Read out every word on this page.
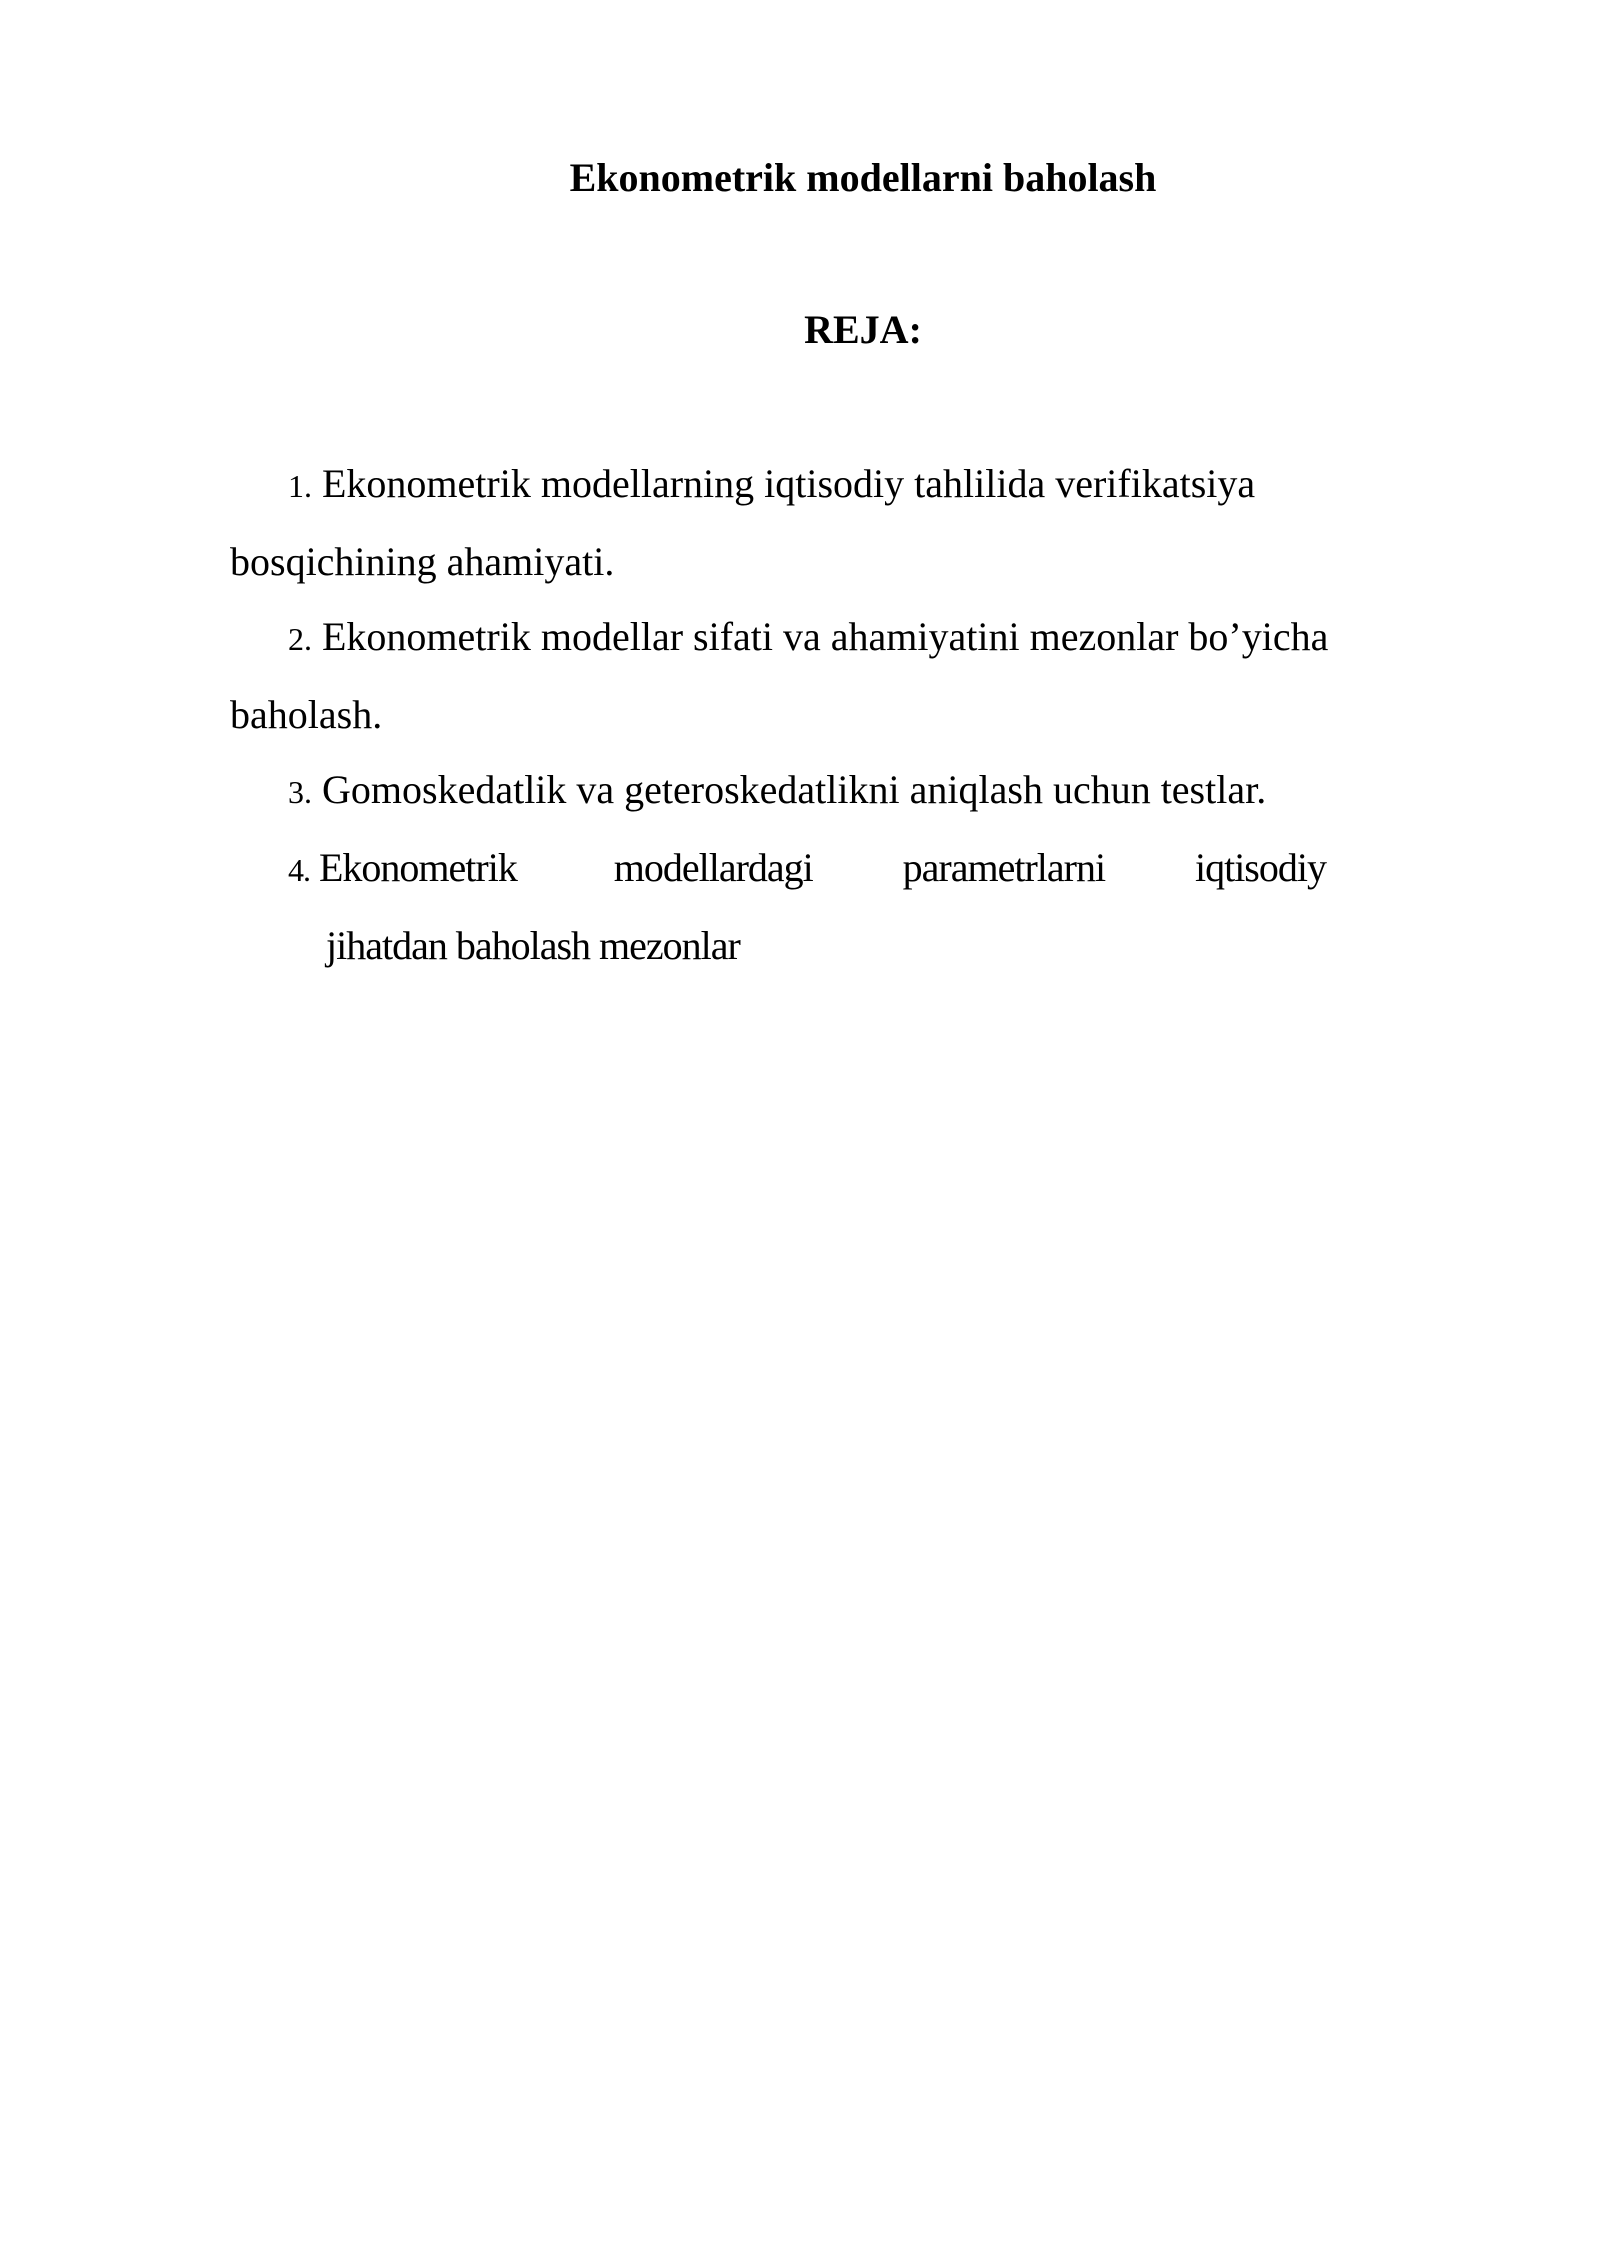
Ekonometrik modellarni baholash
REJA:
1. Ekonometrik modellarning iqtisodiy tahlilida verifikatsiya bosqichining ahamiyati.
2. Ekonometrik modellar sifati va ahamiyatini mezonlar bo’yicha baholash.
3. Gomoskedatlik va geteroskedatlikni aniqlash uchun testlar.
4. Ekonometrik modellardagi parametrlarni iqtisodiy
jihatdan baholash mezonlar
